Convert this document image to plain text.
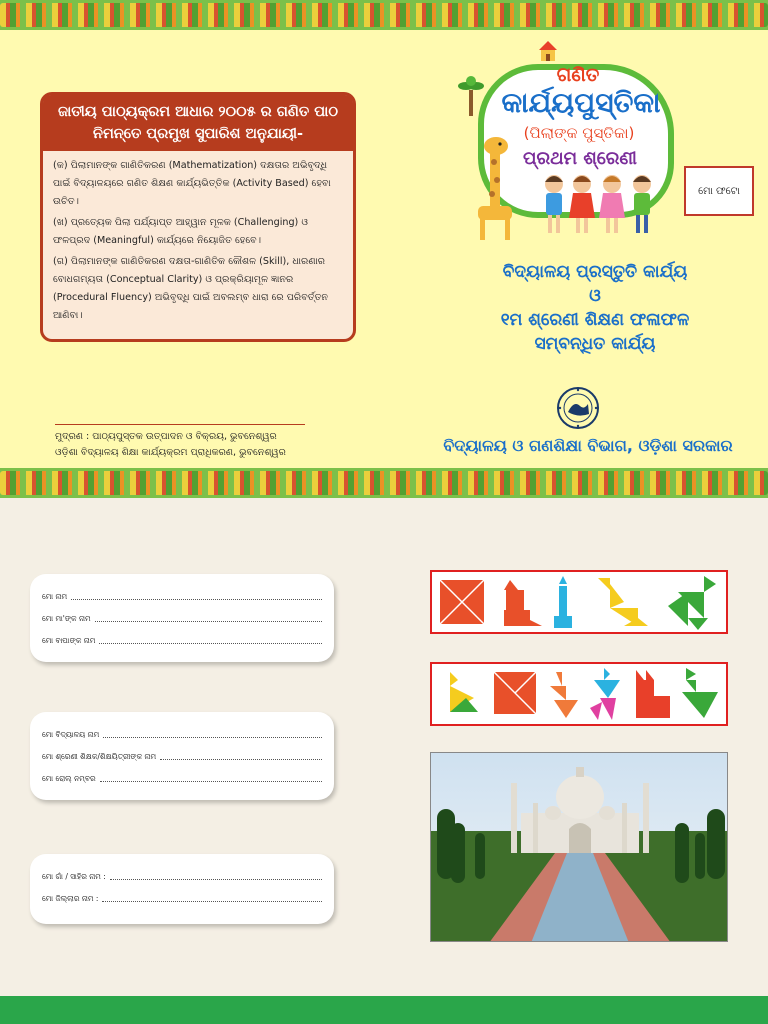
ଜାତୀୟ ପାଠ୍ୟକ୍ରମ ଆଧାର ୨୦୦୫ ର ଗଣିତ ପାଠ ନିମନ୍ତେ ପ୍ରମୁଖ ସୁପାରିଶ ଅନୁଯାୟୀ-
(କ) ପିଲାମାନଙ୍କ ଗାଣିତିକରଣ (Mathematization) ଦକ୍ଷତାର ଅଭିବୃଦ୍ଧି ପାଇଁ ବିଦ୍ୟାଳୟରେ ଗଣିତ ଶିକ୍ଷଣ କାର୍ଯ୍ୟଭିତ୍ତିକ (Activity Based) ହେବା ଉଚିତ।
(ଖ) ପ୍ରତ୍ୟେକ ପିଲା ପର୍ଯ୍ୟାପ୍ତ ଆହ୍ୱାନ ମୂଳକ (Challenging) ଓ ଫଳପ୍ରଦ (Meaningful) କାର୍ଯ୍ୟରେ ନିୟୋଜିତ ହେବେ।
(ଗ) ପିଲାମାନଙ୍କ ଗାଣିତିକରଣ ଦକ୍ଷତା-ଗାଣିତିକ କୌଶଳ (Skill), ଧାରଣାର ବୋଧଗମ୍ୟତା (Conceptual Clarity) ଓ ପ୍ରକ୍ରିୟାମୂଳ ଜ୍ଞାନର (Procedural Fluency) ଅଭିବୃଦ୍ଧି ପାଇଁ ଅବଲମ୍ବ ଧାରା ରେ ପରିବର୍ତ୍ତନ ଆଣିବା।
ମୁଦ୍ରଣ : ପାଠ୍ୟପୁସ୍ତକ ଉତ୍ପାଦନ ଓ ବିକ୍ରୟ, ଭୁବନେଶ୍ୱର
ଓଡ଼ିଶା ବିଦ୍ୟାଳୟ ଶିକ୍ଷା କାର୍ଯ୍ୟକ୍ରମ ପ୍ରାଧିକରଣ, ଭୁବନେଶ୍ୱର
ଗଣିତ
କାର୍ଯ୍ୟପୁସ୍ତିକା
(ପିଲାଙ୍କ ପୁସ୍ତିକା)
ପ୍ରଥମ ଶ୍ରେଣୀ
ମୋ ଫଟୋ
ବିଦ୍ୟାଳୟ ପ୍ରସ୍ତୁତି କାର୍ଯ୍ୟ
ଓ
୧ମ ଶ୍ରେଣୀ ଶିକ୍ଷଣ ଫଳାଫଳ
ସମ୍ବନ୍ଧିତ କାର୍ଯ୍ୟ
ବିଦ୍ୟାଳୟ ଓ ଗଣଶିକ୍ଷା ବିଭାଗ, ଓଡ଼ିଶା ସରକାର
ମୋ ନାମ
ମୋ ମା'ଙ୍କ ନାମ
ମୋ ବାପାଙ୍କ ନାମ
ମୋ ବିଦ୍ୟାଳୟ ନାମ
ମୋ ଶ୍ରେଣୀ ଶିକ୍ଷକ/ଶିକ୍ଷୟିତ୍ରୀଙ୍କ ନାମ
ମୋ ରୋଲ୍ ନମ୍ବର
ମୋ ଗାଁ / ସାହିର ନାମ :
ମୋ ଜିଲ୍ଲାର ନାମ :
